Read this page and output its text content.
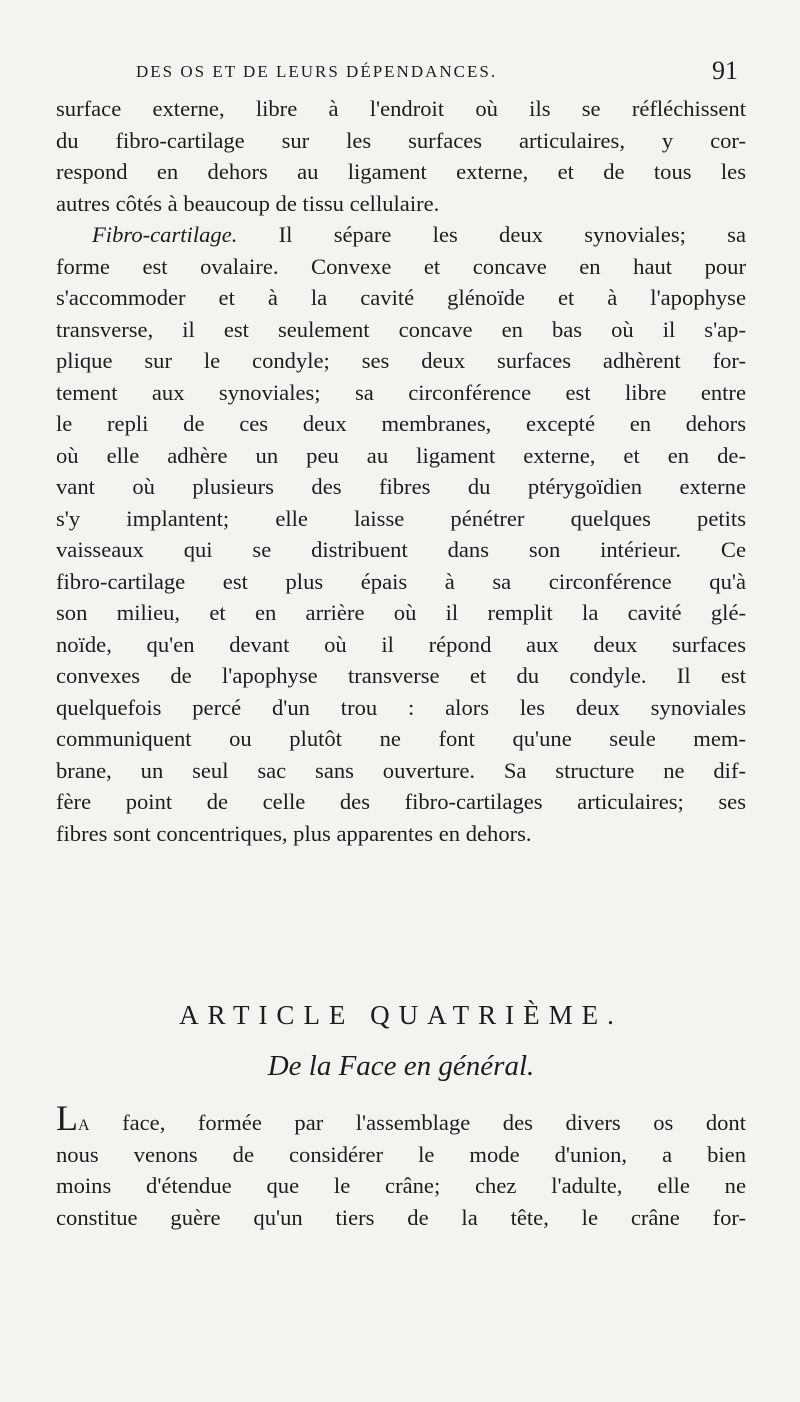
DES OS ET DE LEURS DÉPENDANCES.	91
surface externe, libre à l'endroit où ils se réfléchissent
du fibro-cartilage sur les surfaces articulaires, y cor-
respond en dehors au ligament externe, et de tous les
autres côtés à beaucoup de tissu cellulaire.
Fibro-cartilage. Il sépare les deux synoviales; sa
forme est ovalaire. Convexe et concave en haut pour
s'accommoder et à la cavité glénoïde et à l'apophyse
transverse, il est seulement concave en bas où il s'ap-
plique sur le condyle; ses deux surfaces adhèrent for-
tement aux synoviales; sa circonférence est libre entre
le repli de ces deux membranes, excepté en dehors
où elle adhère un peu au ligament externe, et en de-
vant où plusieurs des fibres du ptérygoïdien externe
s'y implantent; elle laisse pénétrer quelques petits
vaisseaux qui se distribuent dans son intérieur. Ce
fibro-cartilage est plus épais à sa circonférence qu'à
son milieu, et en arrière où il remplit la cavité glé-
noïde, qu'en devant où il répond aux deux surfaces
convexes de l'apophyse transverse et du condyle. Il est
quelquefois percé d'un trou : alors les deux synoviales
communiquent ou plutôt ne font qu'une seule mem-
brane, un seul sac sans ouverture. Sa structure ne dif-
fère point de celle des fibro-cartilages articulaires; ses
fibres sont concentriques, plus apparentes en dehors.
ARTICLE QUATRIÈME.
De la Face en général.
La face, formée par l'assemblage des divers os dont
nous venons de considérer le mode d'union, a bien
moins d'étendue que le crâne; chez l'adulte, elle ne
constitue guère qu'un tiers de la tête, le crâne for-
